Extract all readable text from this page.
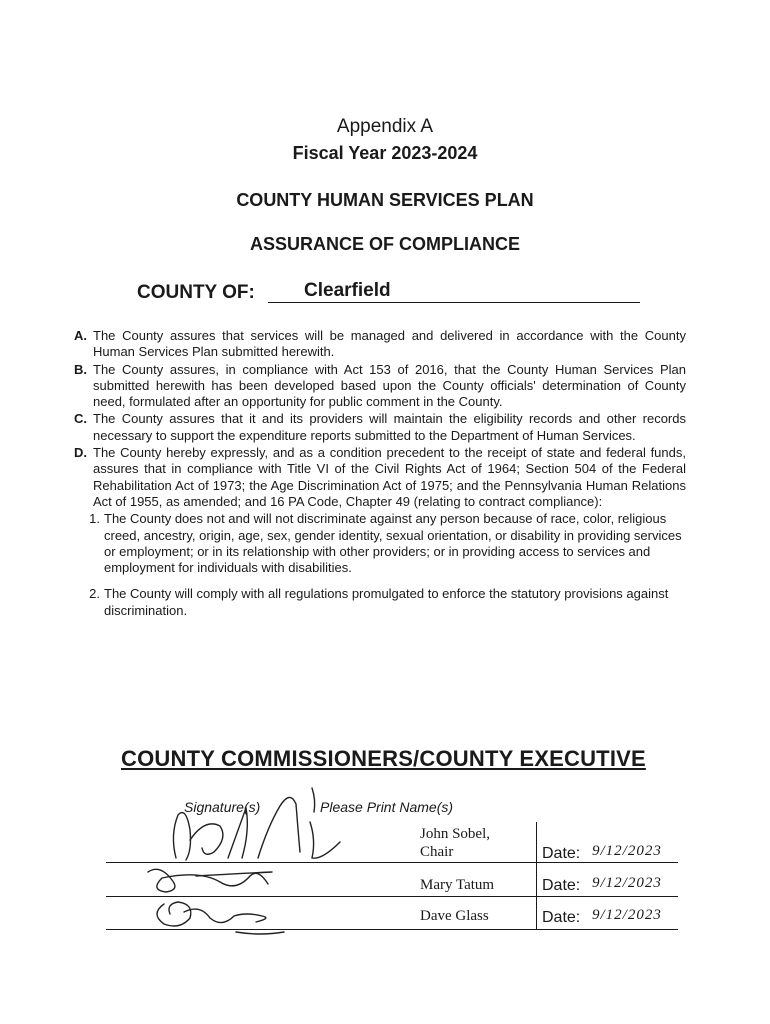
Appendix A
Fiscal Year 2023-2024
COUNTY HUMAN SERVICES PLAN
ASSURANCE OF COMPLIANCE
COUNTY OF:	Clearfield
A. The County assures that services will be managed and delivered in accordance with the County Human Services Plan submitted herewith.
B. The County assures, in compliance with Act 153 of 2016, that the County Human Services Plan submitted herewith has been developed based upon the County officials' determination of County need, formulated after an opportunity for public comment in the County.
C. The County assures that it and its providers will maintain the eligibility records and other records necessary to support the expenditure reports submitted to the Department of Human Services.
D. The County hereby expressly, and as a condition precedent to the receipt of state and federal funds, assures that in compliance with Title VI of the Civil Rights Act of 1964; Section 504 of the Federal Rehabilitation Act of 1973; the Age Discrimination Act of 1975; and the Pennsylvania Human Relations Act of 1955, as amended; and 16 PA Code, Chapter 49 (relating to contract compliance):
1. The County does not and will not discriminate against any person because of race, color, religious creed, ancestry, origin, age, sex, gender identity, sexual orientation, or disability in providing services or employment; or in its relationship with other providers; or in providing access to services and employment for individuals with disabilities.
2. The County will comply with all regulations promulgated to enforce the statutory provisions against discrimination.
COUNTY COMMISSIONERS/COUNTY EXECUTIVE
Signature(s)	Please Print Name(s)
John Sobel,
Chair	Date: 9/12/2023
Mary Tatum	Date: 9/12/2023
Dave Glass	Date: 9/12/2023
